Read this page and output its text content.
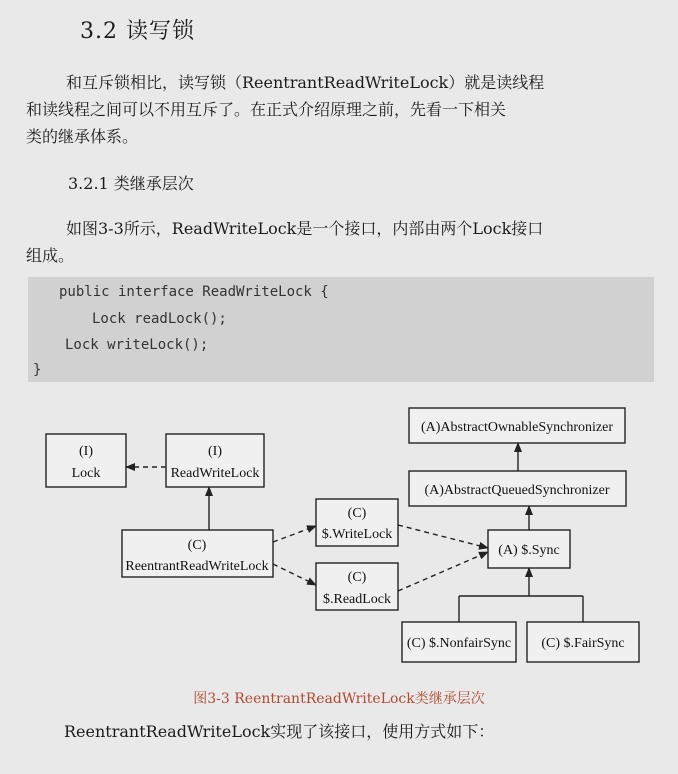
3.2 读写锁
和互斥锁相比，读写锁（ReentrantReadWriteLock）就是读线程
和读线程之间可以不用互斥了。在正式介绍原理之前，先看一下相关
类的继承体系。
3.2.1 类继承层次
如图3-3所示，ReadWriteLock是一个接口，内部由两个Lock接口
组成。
public interface ReadWriteLock {
Lock readLock();
Lock writeLock();
}
(I)
Lock
(I)
ReadWriteLock
(C)
ReentrantReadWriteLock
(C)
$.WriteLock
(C)
$.ReadLock
(A)AbstractOwnableSynchronizer
(A)AbstractQueuedSynchronizer
(A) $.Sync
(C) $.NonfairSync (C) $.FairSync
图3-3 ReentrantReadWriteLock类继承层次
ReentrantReadWriteLock实现了该接口，使用方式如下：
